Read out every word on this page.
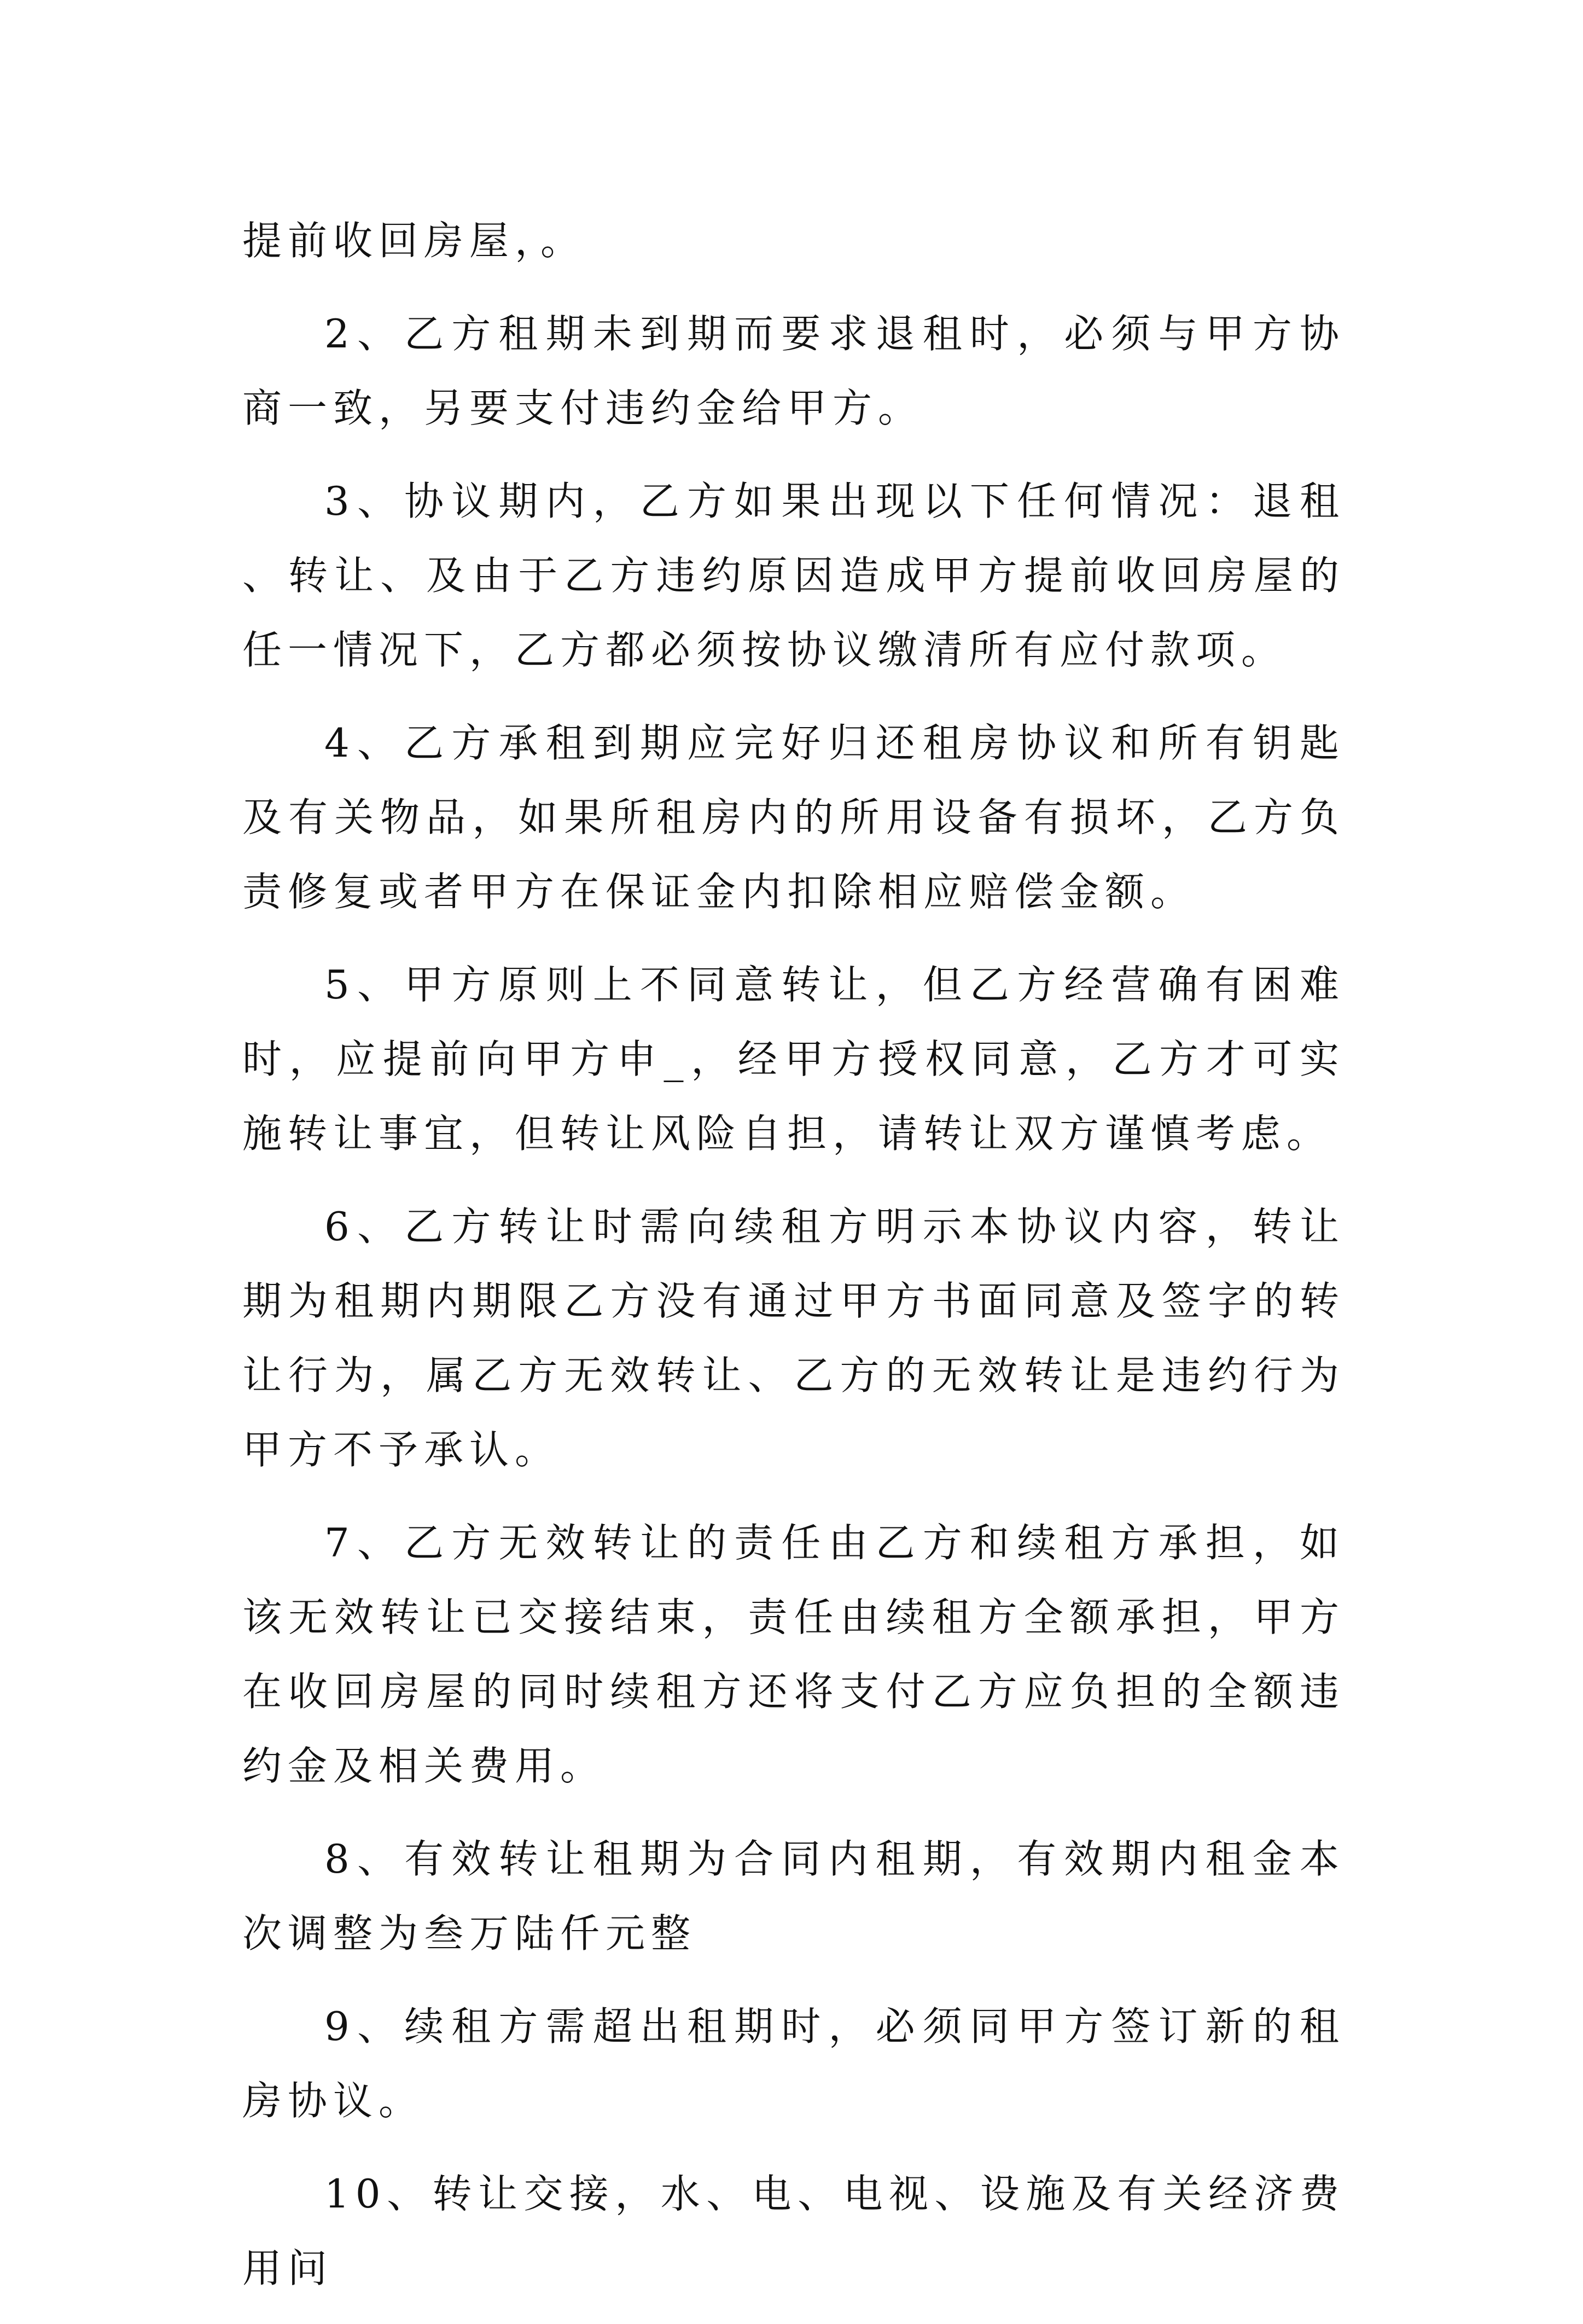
提前收回房屋，。

2、乙方租期未到期而要求退租时，必须与甲方协商一致，另要支付违约金给甲方。

3、协议期内，乙方如果出现以下任何情况：退租、转让、及由于乙方违约原因造成甲方提前收回房屋的任一情况下，乙方都必须按协议缴清所有应付款项。

4、乙方承租到期应完好归还租房协议和所有钥匙及有关物品，如果所租房内的所用设备有损坏，乙方负责修复或者甲方在保证金内扣除相应赔偿金额。

5、甲方原则上不同意转让，但乙方经营确有困难时，应提前向甲方申_，经甲方授权同意，乙方才可实施转让事宜，但转让风险自担，请转让双方谨慎考虑。

6、乙方转让时需向续租方明示本协议内容，转让期为租期内期限乙方没有通过甲方书面同意及签字的转让行为，属乙方无效转让、乙方的无效转让是违约行为甲方不予承认。

7、乙方无效转让的责任由乙方和续租方承担，如该无效转让已交接结束，责任由续租方全额承担，甲方在收回房屋的同时续租方还将支付乙方应负担的全额违约金及相关费用。

8、有效转让租期为合同内租期，有效期内租金本次调整为叁万陆仟元整

9、续租方需超出租期时，必须同甲方签订新的租房协议。

10、转让交接，水、电、电视、设施及有关经济费用问
